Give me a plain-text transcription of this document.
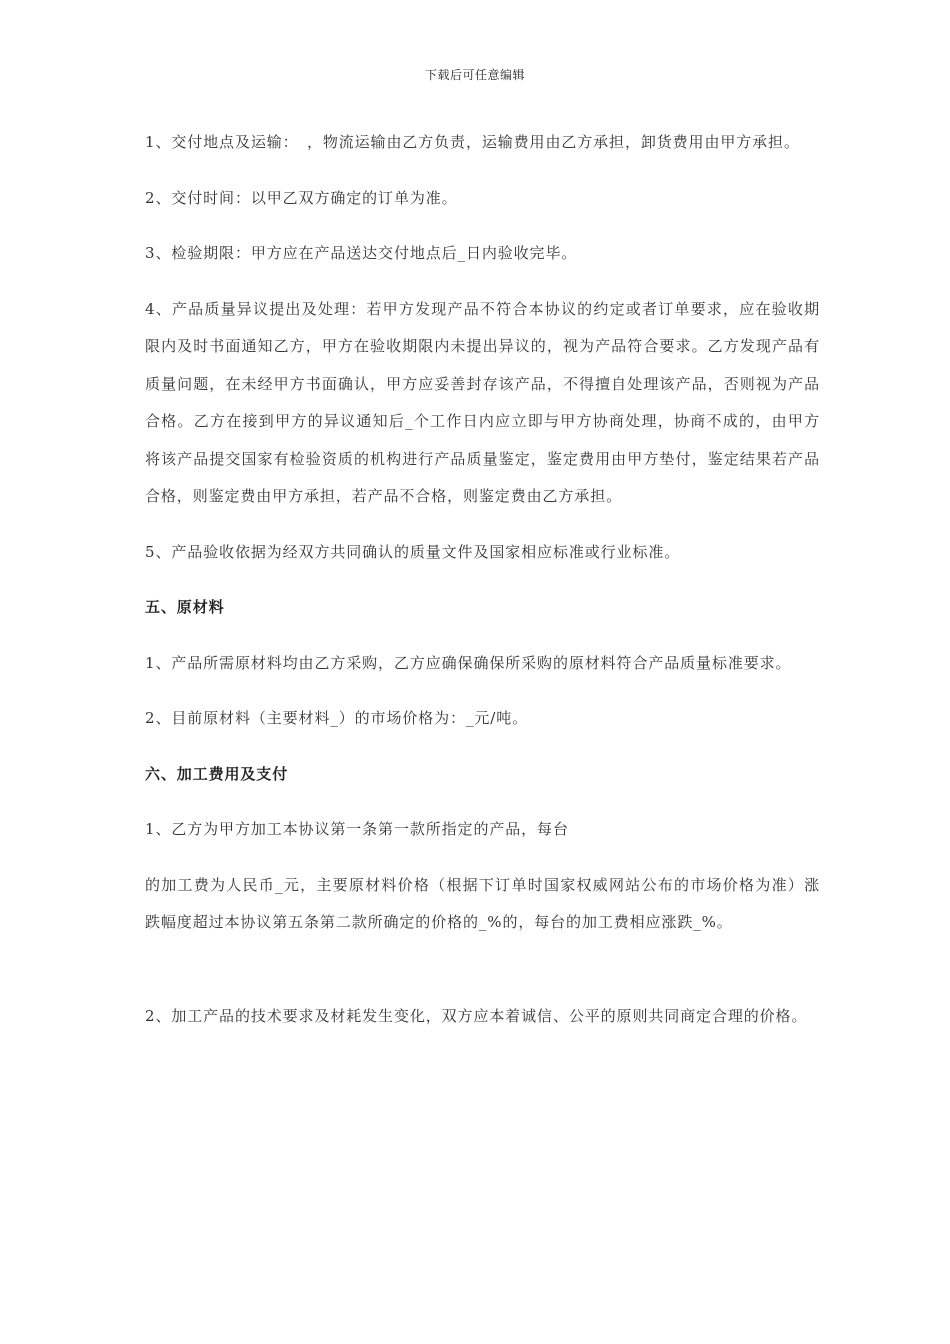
下载后可任意编辑

1、交付地点及运输：　，物流运输由乙方负责，运输费用由乙方承担，卸货费用由甲方承担。

2、交付时间：以甲乙双方确定的订单为准。

3、检验期限：甲方应在产品送达交付地点后_日内验收完毕。

4、产品质量异议提出及处理：若甲方发现产品不符合本协议的约定或者订单要求，应在验收期限内及时书面通知乙方，甲方在验收期限内未提出异议的，视为产品符合要求。乙方发现产品有质量问题，在未经甲方书面确认，甲方应妥善封存该产品，不得擅自处理该产品，否则视为产品合格。乙方在接到甲方的异议通知后_个工作日内应立即与甲方协商处理，协商不成的，由甲方将该产品提交国家有检验资质的机构进行产品质量鉴定，鉴定费用由甲方垫付，鉴定结果若产品合格，则鉴定费由甲方承担，若产品不合格，则鉴定费由乙方承担。

5、产品验收依据为经双方共同确认的质量文件及国家相应标准或行业标准。

五、原材料

1、产品所需原材料均由乙方采购，乙方应确保确保所采购的原材料符合产品质量标准要求。

2、目前原材料（主要材料_）的市场价格为：_元/吨。

六、加工费用及支付

1、乙方为甲方加工本协议第一条第一款所指定的产品，每台

的加工费为人民币_元，主要原材料价格（根据下订单时国家权威网站公布的市场价格为准）涨跌幅度超过本协议第五条第二款所确定的价格的_%的，每台的加工费相应涨跌_%。

2、加工产品的技术要求及材耗发生变化，双方应本着诚信、公平的原则共同商定合理的价格。
